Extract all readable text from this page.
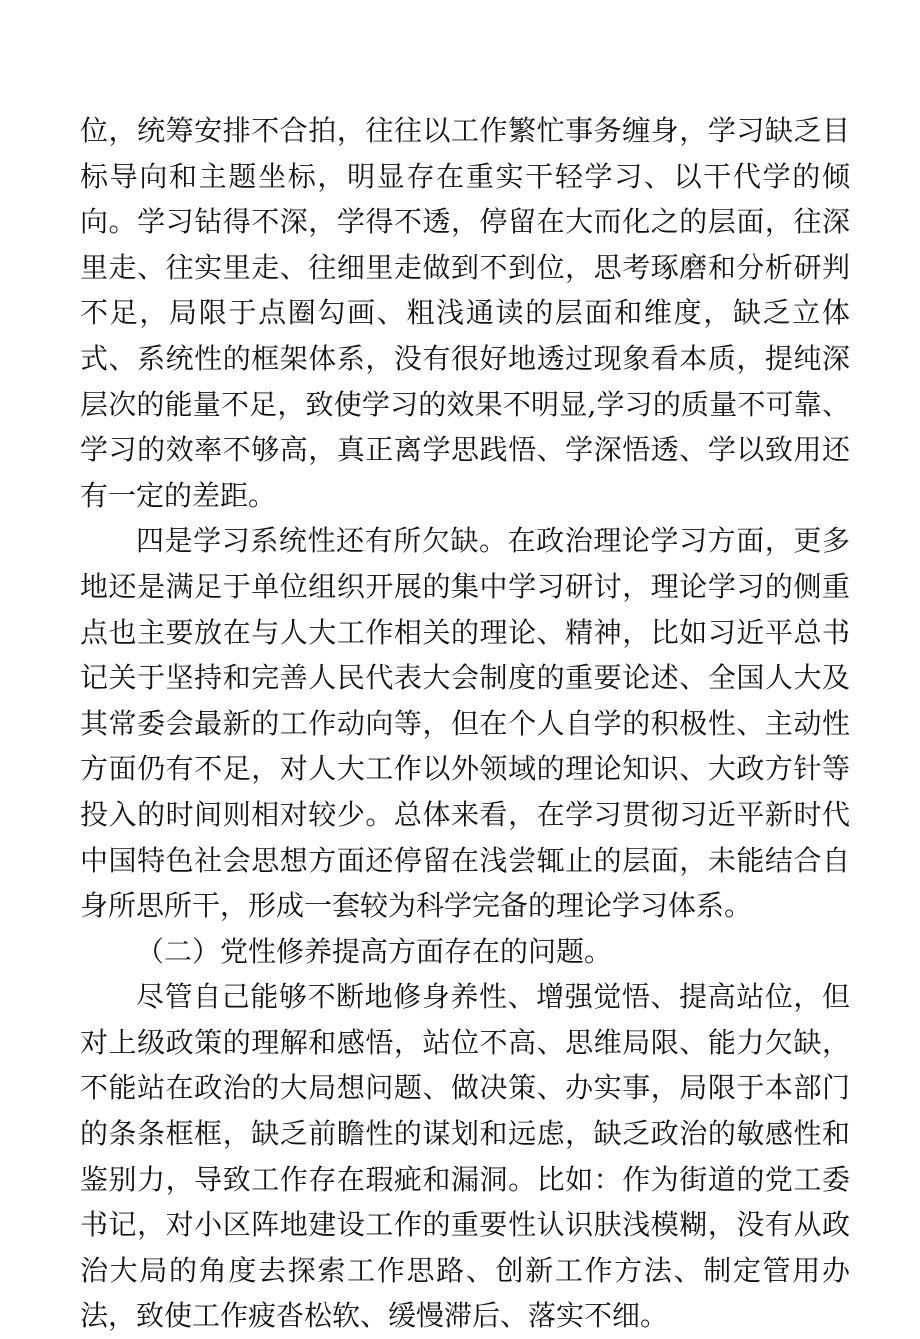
位，统筹安排不合拍，往往以工作繁忙事务缠身，学习缺乏目标导向和主题坐标，明显存在重实干轻学习、以干代学的倾向。学习钻得不深，学得不透，停留在大而化之的层面，往深里走、往实里走、往细里走做到不到位，思考琢磨和分析研判不足，局限于点圈勾画、粗浅通读的层面和维度，缺乏立体式、系统性的框架体系，没有很好地透过现象看本质，提纯深层次的能量不足，致使学习的效果不明显,学习的质量不可靠、学习的效率不够高，真正离学思践悟、学深悟透、学以致用还有一定的差距。

四是学习系统性还有所欠缺。在政治理论学习方面，更多地还是满足于单位组织开展的集中学习研讨，理论学习的侧重点也主要放在与人大工作相关的理论、精神，比如习近平总书记关于坚持和完善人民代表大会制度的重要论述、全国人大及其常委会最新的工作动向等，但在个人自学的积极性、主动性方面仍有不足，对人大工作以外领域的理论知识、大政方针等投入的时间则相对较少。总体来看，在学习贯彻习近平新时代中国特色社会思想方面还停留在浅尝辄止的层面，未能结合自身所思所干，形成一套较为科学完备的理论学习体系。

（二）党性修养提高方面存在的问题。

尽管自己能够不断地修身养性、增强觉悟、提高站位，但对上级政策的理解和感悟，站位不高、思维局限、能力欠缺，不能站在政治的大局想问题、做决策、办实事，局限于本部门的条条框框，缺乏前瞻性的谋划和远虑，缺乏政治的敏感性和鉴别力，导致工作存在瑕疵和漏洞。比如：作为街道的党工委书记，对小区阵地建设工作的重要性认识肤浅模糊，没有从政治大局的角度去探索工作思路、创新工作方法、制定管用办法，致使工作疲沓松软、缓慢滞后、落实不细。
